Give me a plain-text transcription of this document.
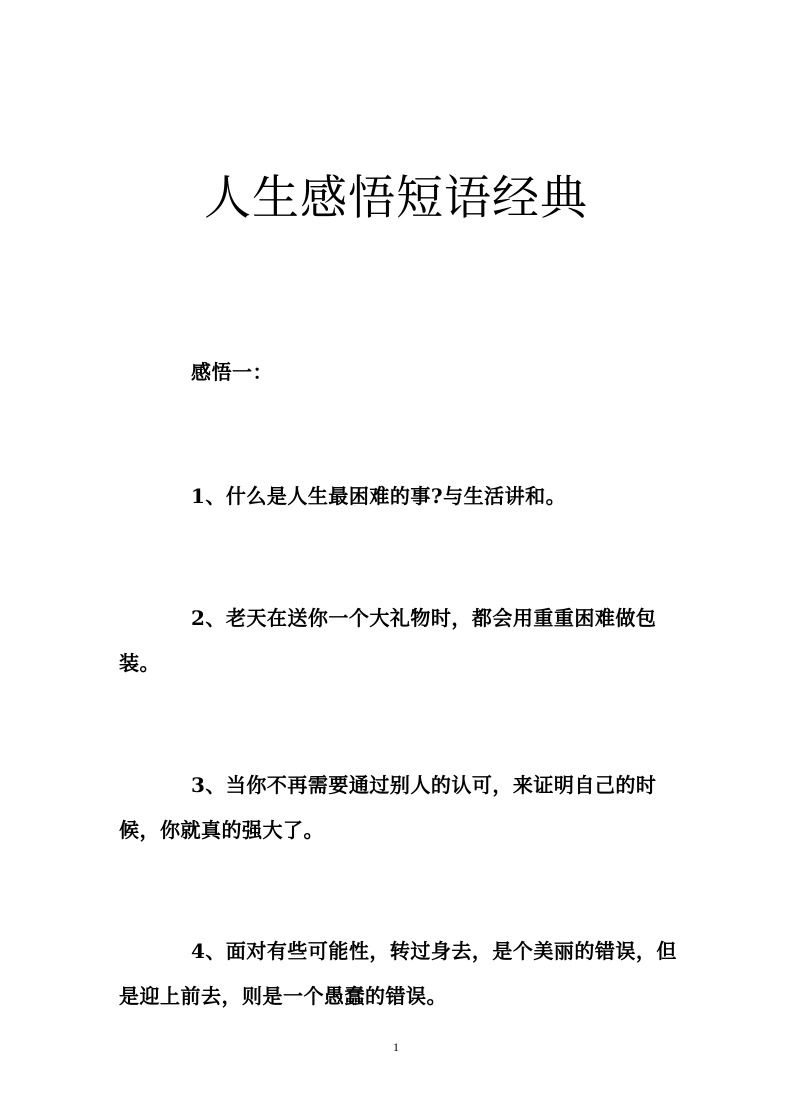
人生感悟短语经典
感悟一：
1、什么是人生最困难的事?与生活讲和。
2、老天在送你一个大礼物时，都会用重重困难做包装。
3、当你不再需要通过别人的认可，来证明自己的时候，你就真的强大了。
4、面对有些可能性，转过身去，是个美丽的错误，但是迎上前去，则是一个愚蠢的错误。
1
